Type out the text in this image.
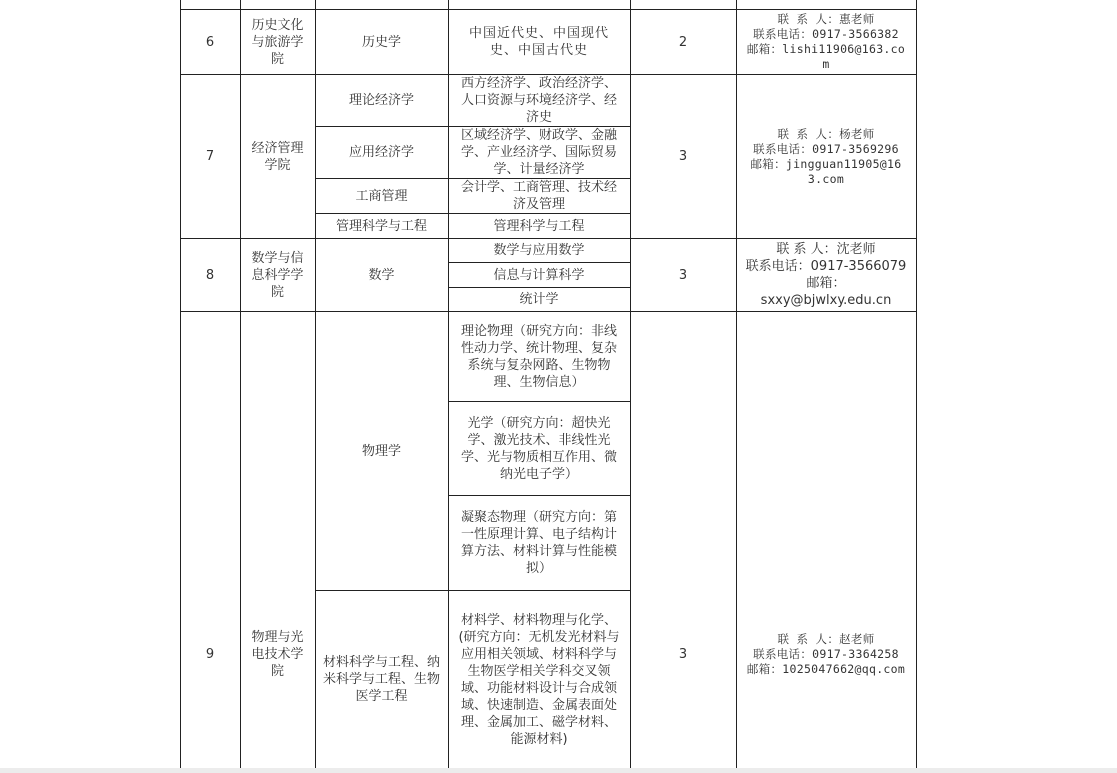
6
历史文化
与旅游学
院
历史学
中国近代史、中国现代
史、中国古代史
2
联 系 人：惠老师
联系电话：0917-3566382
邮箱：lishi11906@163.co
m
7
经济管理
学院
理论经济学
西方经济学、政治经济学、
人口资源与环境经济学、经
济史
应用经济学
区域经济学、财政学、金融
学、产业经济学、国际贸易
学、计量经济学
工商管理
会计学、工商管理、技术经
济及管理
管理科学与工程	管理科学与工程
3
联 系 人：杨老师
联系电话：0917-3569296
邮箱：jingguan11905@16
3.com
8
数学与信
息科学学
院
数学
数学与应用数学
信息与计算科学
统计学
3
联 系 人：沈老师
联系电话：0917-3566079
邮箱：sxxy@bjwlxy.edu.cn
9
物理与光
电技术学
院
物理学
理论物理（研究方向：非线
性动力学、统计物理、复杂
系统与复杂网路、生物物
理、生物信息）
光学（研究方向：超快光
学、激光技术、非线性光
学、光与物质相互作用、微
纳光电子学）
凝聚态物理（研究方向：第
一性原理计算、电子结构计
算方法、材料计算与性能模
拟）
材料科学与工程、纳
米科学与工程、生物
医学工程
材料学、材料物理与化学、
(研究方向：无机发光材料与
应用相关领域、材料科学与
生物医学相关学科交叉领
域、功能材料设计与合成领
域、快速制造、金属表面处
理、金属加工、磁学材料、
能源材料)
3
联 系 人：赵老师
联系电话：0917-3364258
邮箱：1025047662@qq.com
